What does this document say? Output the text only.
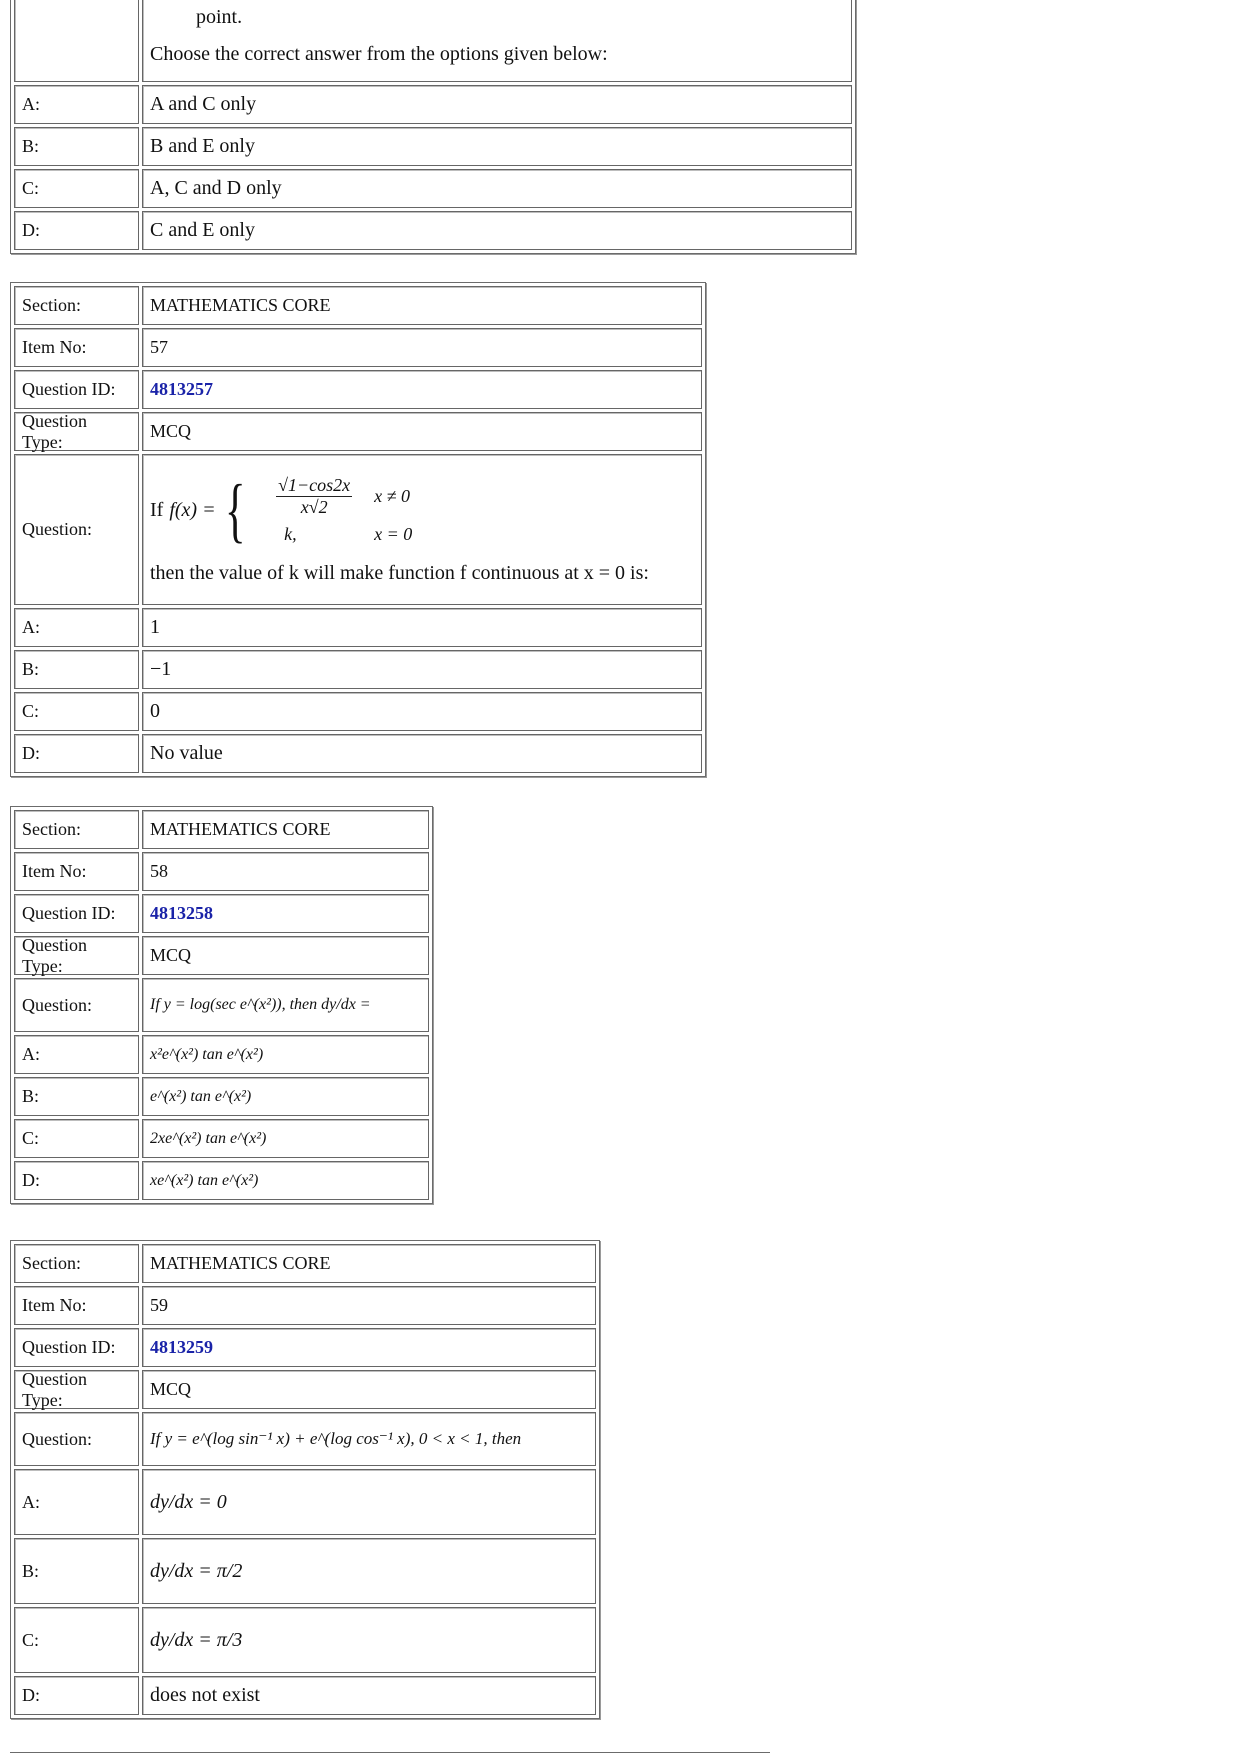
point.
Choose the correct answer from the options given below:
A:	A and C only
B:	B and E only
C:	A, C and D only
D:	C and E only
Section:	MATHEMATICS CORE
Item No:	57
Question ID:	4813257
Question Type:
MCQ
Question:
If f(x) = { $\frac{√1-\cos 2x}{x√2}$ x ≠ 0
k,	x = 0
then the value of k will make function f continuous at x = 0 is:
A:	1
B:	−1
C:	0
D:	No value
Section:	MATHEMATICS CORE
Item No:	58
Question ID:	4813258
Question Type:
MCQ
Question:	If y = log(sec e^(x²)), then dy/dx =
A:	x²e^(x²) tan e^(x²)
B:	e^(x²) tan e^(x²)
C:	2xe^(x²) tan e^(x²)
D:	xe^(x²) tan e^(x²)
Section:	MATHEMATICS CORE
Item No:	59
Question ID:	4813259
Question Type:
MCQ
Question:	If y = e^(log sin⁻¹ x) + e^(log cos⁻¹ x), 0 < x < 1, then
A:	dy/dx = 0
B:	dy/dx = π/2
C:	dy/dx = π/3
D:	does not exist
